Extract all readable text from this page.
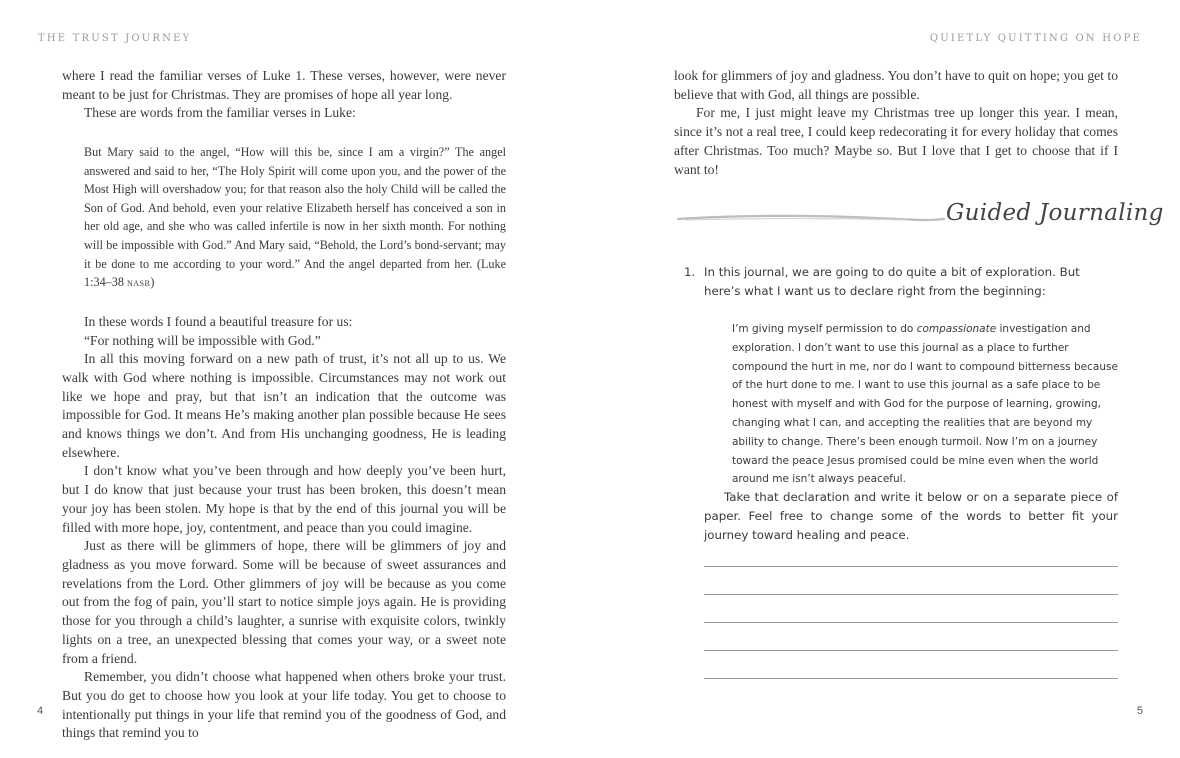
THE TRUST JOURNEY

where I read the familiar verses of Luke 1. These verses, however, were never meant to be just for Christmas. They are promises of hope all year long.

These are words from the familiar verses in Luke:

But Mary said to the angel, “How will this be, since I am a virgin?” The angel answered and said to her, “The Holy Spirit will come upon you, and the power of the Most High will overshadow you; for that reason also the holy Child will be called the Son of God. And behold, even your relative Elizabeth herself has conceived a son in her old age, and she who was called infertile is now in her sixth month. For nothing will be impossible with God.” And Mary said, “Behold, the Lord’s bond-servant; may it be done to me according to your word.” And the angel departed from her. (Luke 1:34–38 nasb)

In these words I found a beautiful treasure for us:

“For nothing will be impossible with God.”

In all this moving forward on a new path of trust, it’s not all up to us. We walk with God where nothing is impossible. Circumstances may not work out like we hope and pray, but that isn’t an indication that the outcome was impossible for God. It means He’s making another plan possible because He sees and knows things we don’t. And from His unchanging goodness, He is leading elsewhere.

I don’t know what you’ve been through and how deeply you’ve been hurt, but I do know that just because your trust has been broken, this doesn’t mean your joy has been stolen. My hope is that by the end of this journal you will be filled with more hope, joy, contentment, and peace than you could imagine.

Just as there will be glimmers of hope, there will be glimmers of joy and gladness as you move forward. Some will be because of sweet assurances and revelations from the Lord. Other glimmers of joy will be because as you come out from the fog of pain, you’ll start to notice simple joys again. He is providing those for you through a child’s laughter, a sunrise with exquisite colors, twinkly lights on a tree, an unexpected blessing that comes your way, or a sweet note from a friend.

Remember, you didn’t choose what happened when others broke your trust. But you do get to choose how you look at your life today. You get to choose to intentionally put things in your life that remind you of the goodness of God, and things that remind you to

4
QUIETLY QUITTING ON HOPE

look for glimmers of joy and gladness. You don’t have to quit on hope; you get to believe that with God, all things are possible.

For me, I just might leave my Christmas tree up longer this year. I mean, since it’s not a real tree, I could keep redecorating it for every holiday that comes after Christmas. Too much? Maybe so. But I love that I get to choose that if I want to!

Guided Journaling
1. In this journal, we are going to do quite a bit of exploration. But here’s what I want us to declare right from the beginning:
I’m giving myself permission to do compassionate investigation and exploration. I don’t want to use this journal as a place to further compound the hurt in me, nor do I want to compound bitterness because of the hurt done to me. I want to use this journal as a safe place to be honest with myself and with God for the purpose of learning, growing, changing what I can, and accepting the realities that are beyond my ability to change. There’s been enough turmoil. Now I’m on a journey toward the peace Jesus promised could be mine even when the world around me isn’t always peaceful.
Take that declaration and write it below or on a separate piece of paper. Feel free to change some of the words to better fit your journey toward healing and peace.
5
